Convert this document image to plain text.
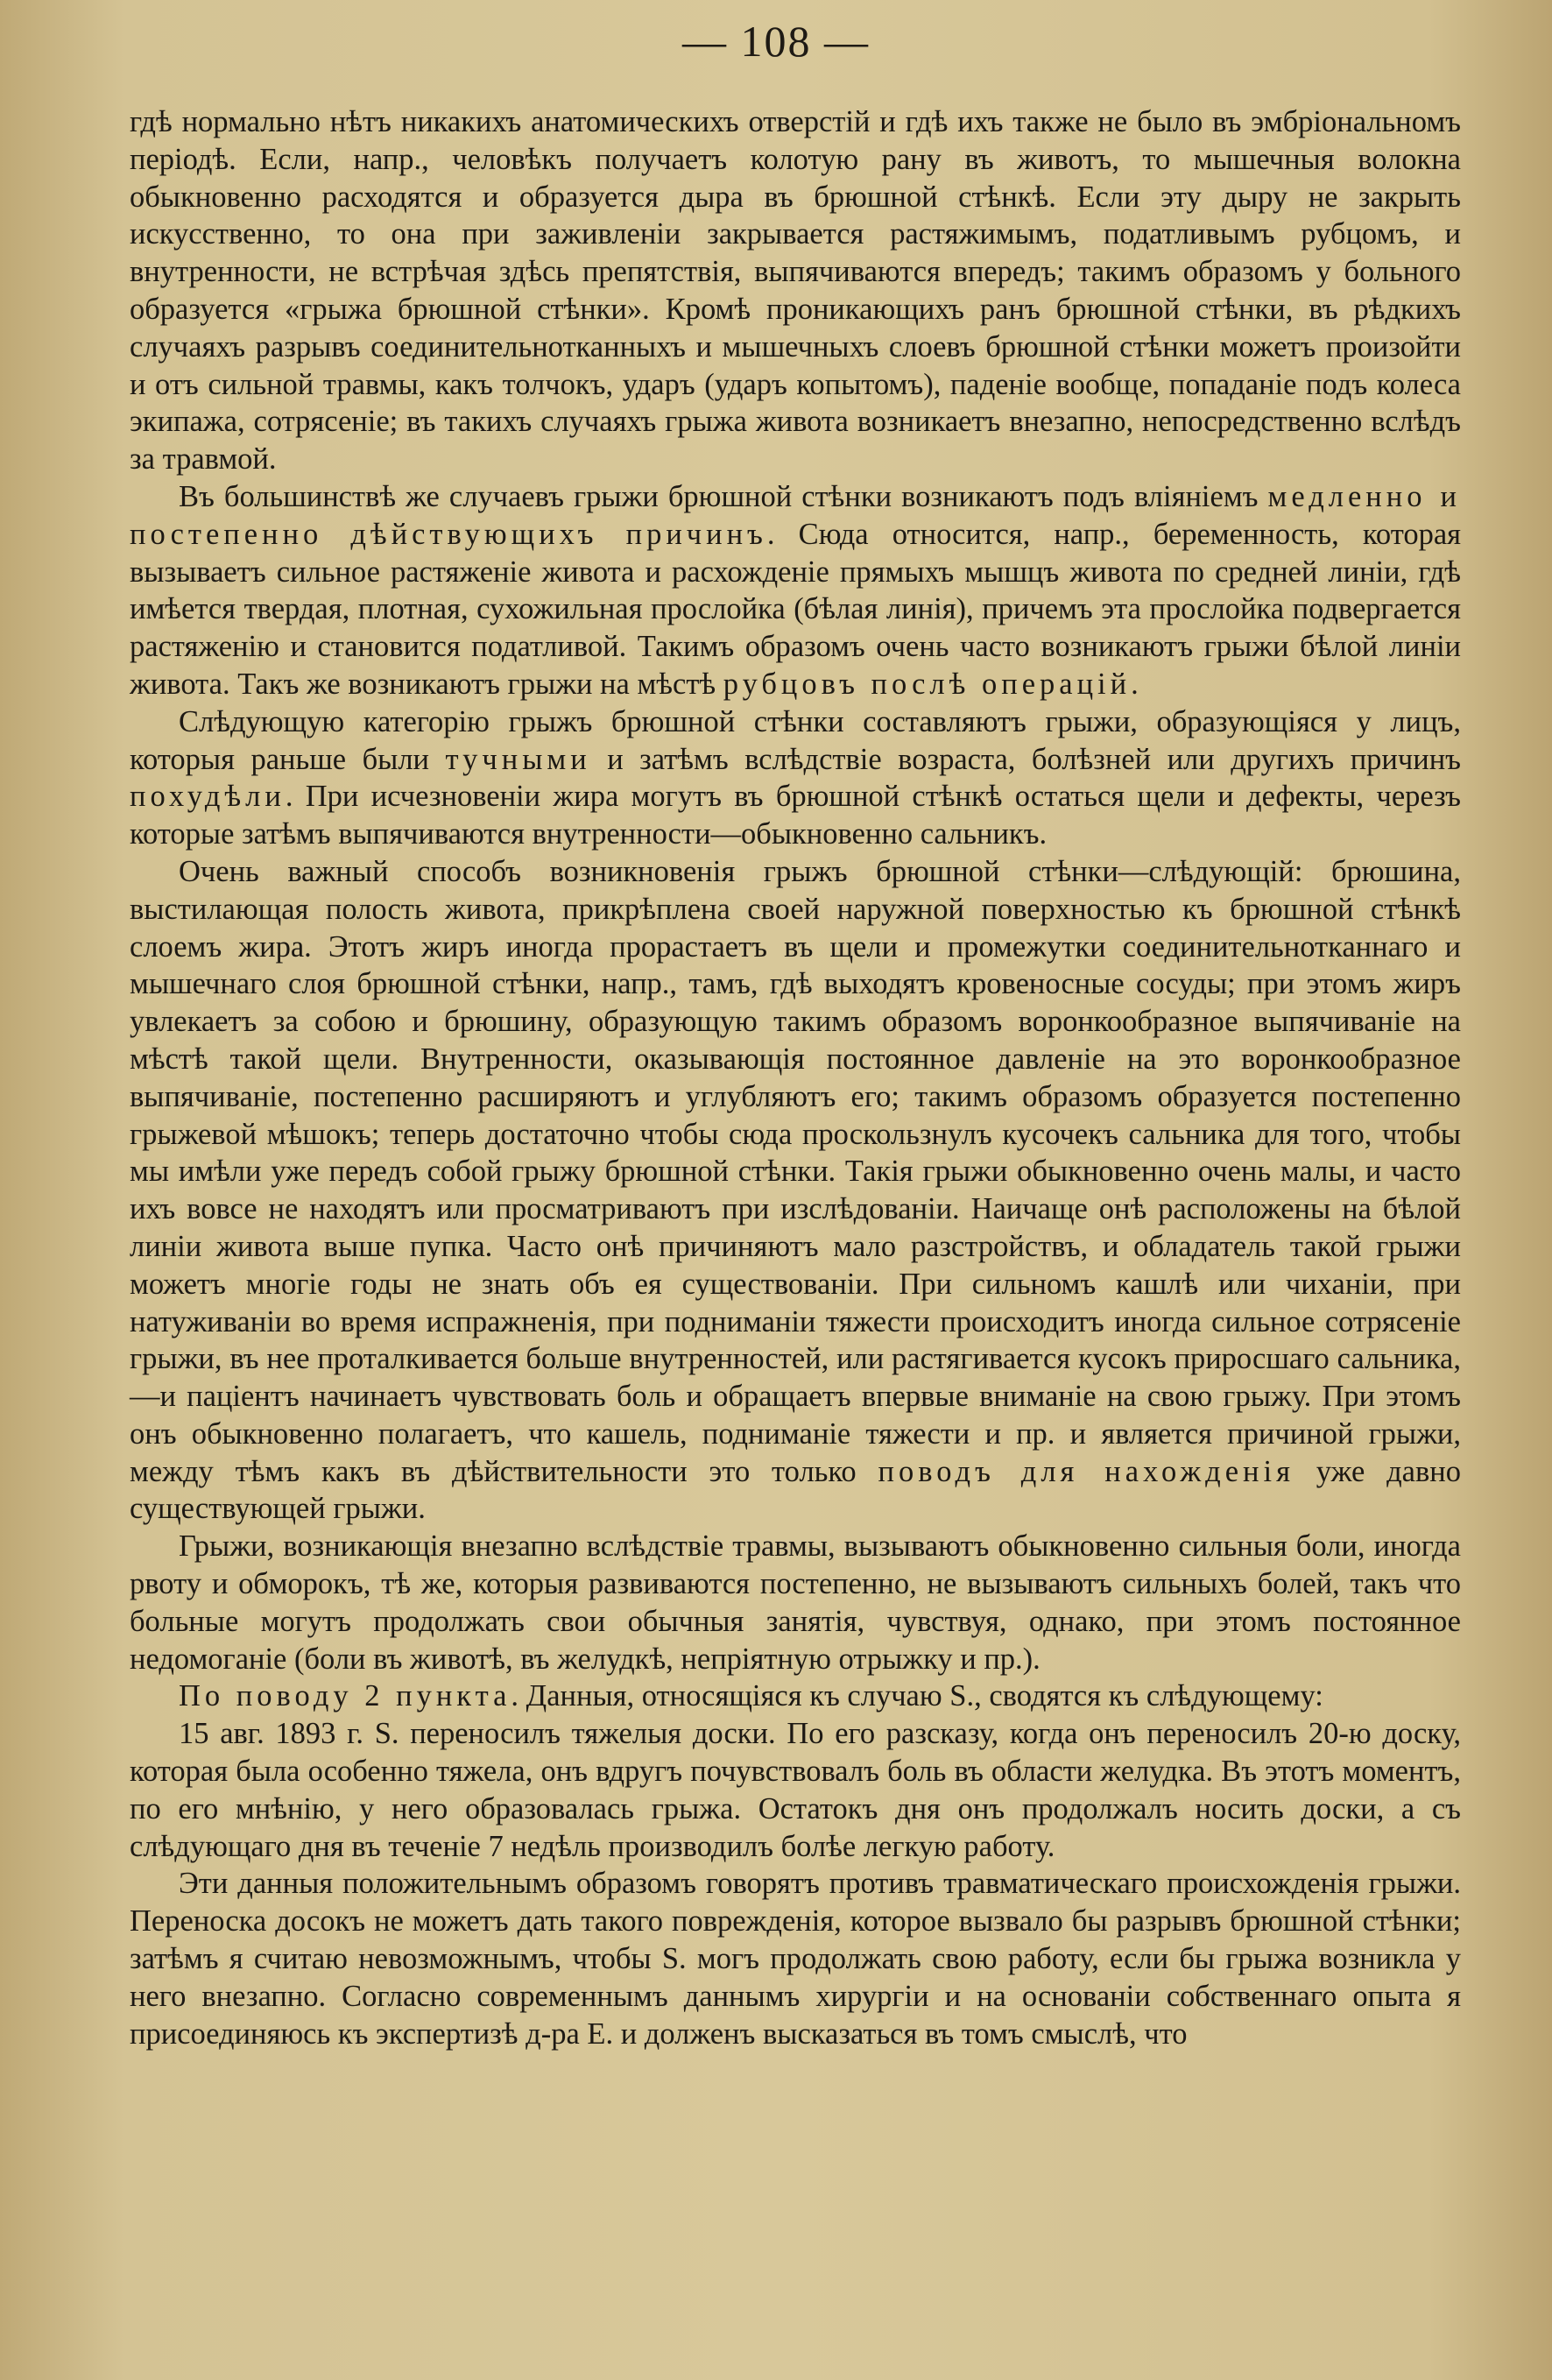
— 108 —

гдѣ нормально нѣтъ никакихъ анатомическихъ отверстій и гдѣ ихъ также не было въ эмбріональномъ періодѣ. Если, напр., человѣкъ получаетъ колотую рану въ животъ, то мышечныя волокна обыкновенно расходятся и образуется дыра въ брюшной стѣнкѣ. Если эту дыру не закрыть искусственно, то она при заживленіи закрывается растяжимымъ, податливымъ рубцомъ, и внутренности, не встрѣчая здѣсь препятствія, выпячиваются впередъ; такимъ образомъ у больного образуется «грыжа брюшной стѣнки». Кромѣ проникающихъ ранъ брюшной стѣнки, въ рѣдкихъ случаяхъ разрывъ соединительнотканныхъ и мышечныхъ слоевъ брюшной стѣнки можетъ произойти и отъ сильной травмы, какъ толчокъ, ударъ (ударъ копытомъ), паденіе вообще, попаданіе подъ колеса экипажа, сотрясеніе; въ такихъ случаяхъ грыжа живота возникаетъ внезапно, непосредственно вслѣдъ за травмой.

Въ большинствѣ же случаевъ грыжи брюшной стѣнки возникаютъ подъ вліяніемъ медленно и постепенно дѣйствующихъ причинъ. Сюда относится, напр., беременность, которая вызываетъ сильное растяженіе живота и расхожденіе прямыхъ мышцъ живота по средней линіи, гдѣ имѣется твердая, плотная, сухожильная прослойка (бѣлая линія), причемъ эта прослойка подвергается растяженію и становится податливой. Такимъ образомъ очень часто возникаютъ грыжи бѣлой линіи живота. Такъ же возникаютъ грыжи на мѣстѣ рубцовъ послѣ операцій.

Слѣдующую категорію грыжъ брюшной стѣнки составляютъ грыжи, образующіяся у лицъ, которыя раньше были тучными и затѣмъ вслѣдствіе возраста, болѣзней или другихъ причинъ похудѣли. При исчезновеніи жира могутъ въ брюшной стѣнкѣ остаться щели и дефекты, черезъ которые затѣмъ выпячиваются внутренности—обыкновенно сальникъ.

Очень важный способъ возникновенія грыжъ брюшной стѣнки—слѣдующій: брюшина, выстилающая полость живота, прикрѣплена своей наружной поверхностью къ брюшной стѣнкѣ слоемъ жира. Этотъ жиръ иногда прорастаетъ въ щели и промежутки соединительнотканнаго и мышечнаго слоя брюшной стѣнки, напр., тамъ, гдѣ выходятъ кровеносные сосуды; при этомъ жиръ увлекаетъ за собою и брюшину, образующую такимъ образомъ воронкообразное выпячиваніе на мѣстѣ такой щели. Внутренности, оказывающія постоянное давленіе на это воронкообразное выпячиваніе, постепенно расширяютъ и углубляютъ его; такимъ образомъ образуется постепенно грыжевой мѣшокъ; теперь достаточно чтобы сюда проскользнулъ кусочекъ сальника для того, чтобы мы имѣли уже передъ собой грыжу брюшной стѣнки. Такія грыжи обыкновенно очень малы, и часто ихъ вовсе не находятъ или просматриваютъ при изслѣдованіи. Наичаще онѣ расположены на бѣлой линіи живота выше пупка. Часто онѣ причиняютъ мало разстройствъ, и обладатель такой грыжи можетъ многіе годы не знать объ ея существованіи. При сильномъ кашлѣ или чиханіи, при натуживаніи во время испражненія, при подниманіи тяжести происходитъ иногда сильное сотрясеніе грыжи, въ нее проталкивается больше внутренностей, или растягивается кусокъ приросшаго сальника,—и паціентъ начинаетъ чувствовать боль и обращаетъ впервые вниманіе на свою грыжу. При этомъ онъ обыкновенно полагаетъ, что кашель, подниманіе тяжести и пр. и является причиной грыжи, между тѣмъ какъ въ дѣйствительности это только поводъ для нахожденія уже давно существующей грыжи.

Грыжи, возникающія внезапно вслѣдствіе травмы, вызываютъ обыкновенно сильныя боли, иногда рвоту и обморокъ, тѣ же, которыя развиваются постепенно, не вызываютъ сильныхъ болей, такъ что больные могутъ продолжать свои обычныя занятія, чувствуя, однако, при этомъ постоянное недомоганіе (боли въ животѣ, въ желудкѣ, непріятную отрыжку и пр.).

По поводу 2 пункта. Данныя, относящіяся къ случаю S., сводятся къ слѣдующему:

15 авг. 1893 г. S. переносилъ тяжелыя доски. По его разсказу, когда онъ переносилъ 20-ю доску, которая была особенно тяжела, онъ вдругъ почувствовалъ боль въ области желудка. Въ этотъ моментъ, по его мнѣнію, у него образовалась грыжа. Остатокъ дня онъ продолжалъ носить доски, а съ слѣдующаго дня въ теченіе 7 недѣль производилъ болѣе легкую работу.

Эти данныя положительнымъ образомъ говорятъ противъ травматическаго происхожденія грыжи. Переноска досокъ не можетъ дать такого поврежденія, которое вызвало бы разрывъ брюшной стѣнки; затѣмъ я считаю невозможнымъ, чтобы S. могъ продолжать свою работу, если бы грыжа возникла у него внезапно. Согласно современнымъ даннымъ хирургіи и на основаніи собственнаго опыта я присоединяюсь къ экспертизѣ д-ра Е. и долженъ высказаться въ томъ смыслѣ, что
